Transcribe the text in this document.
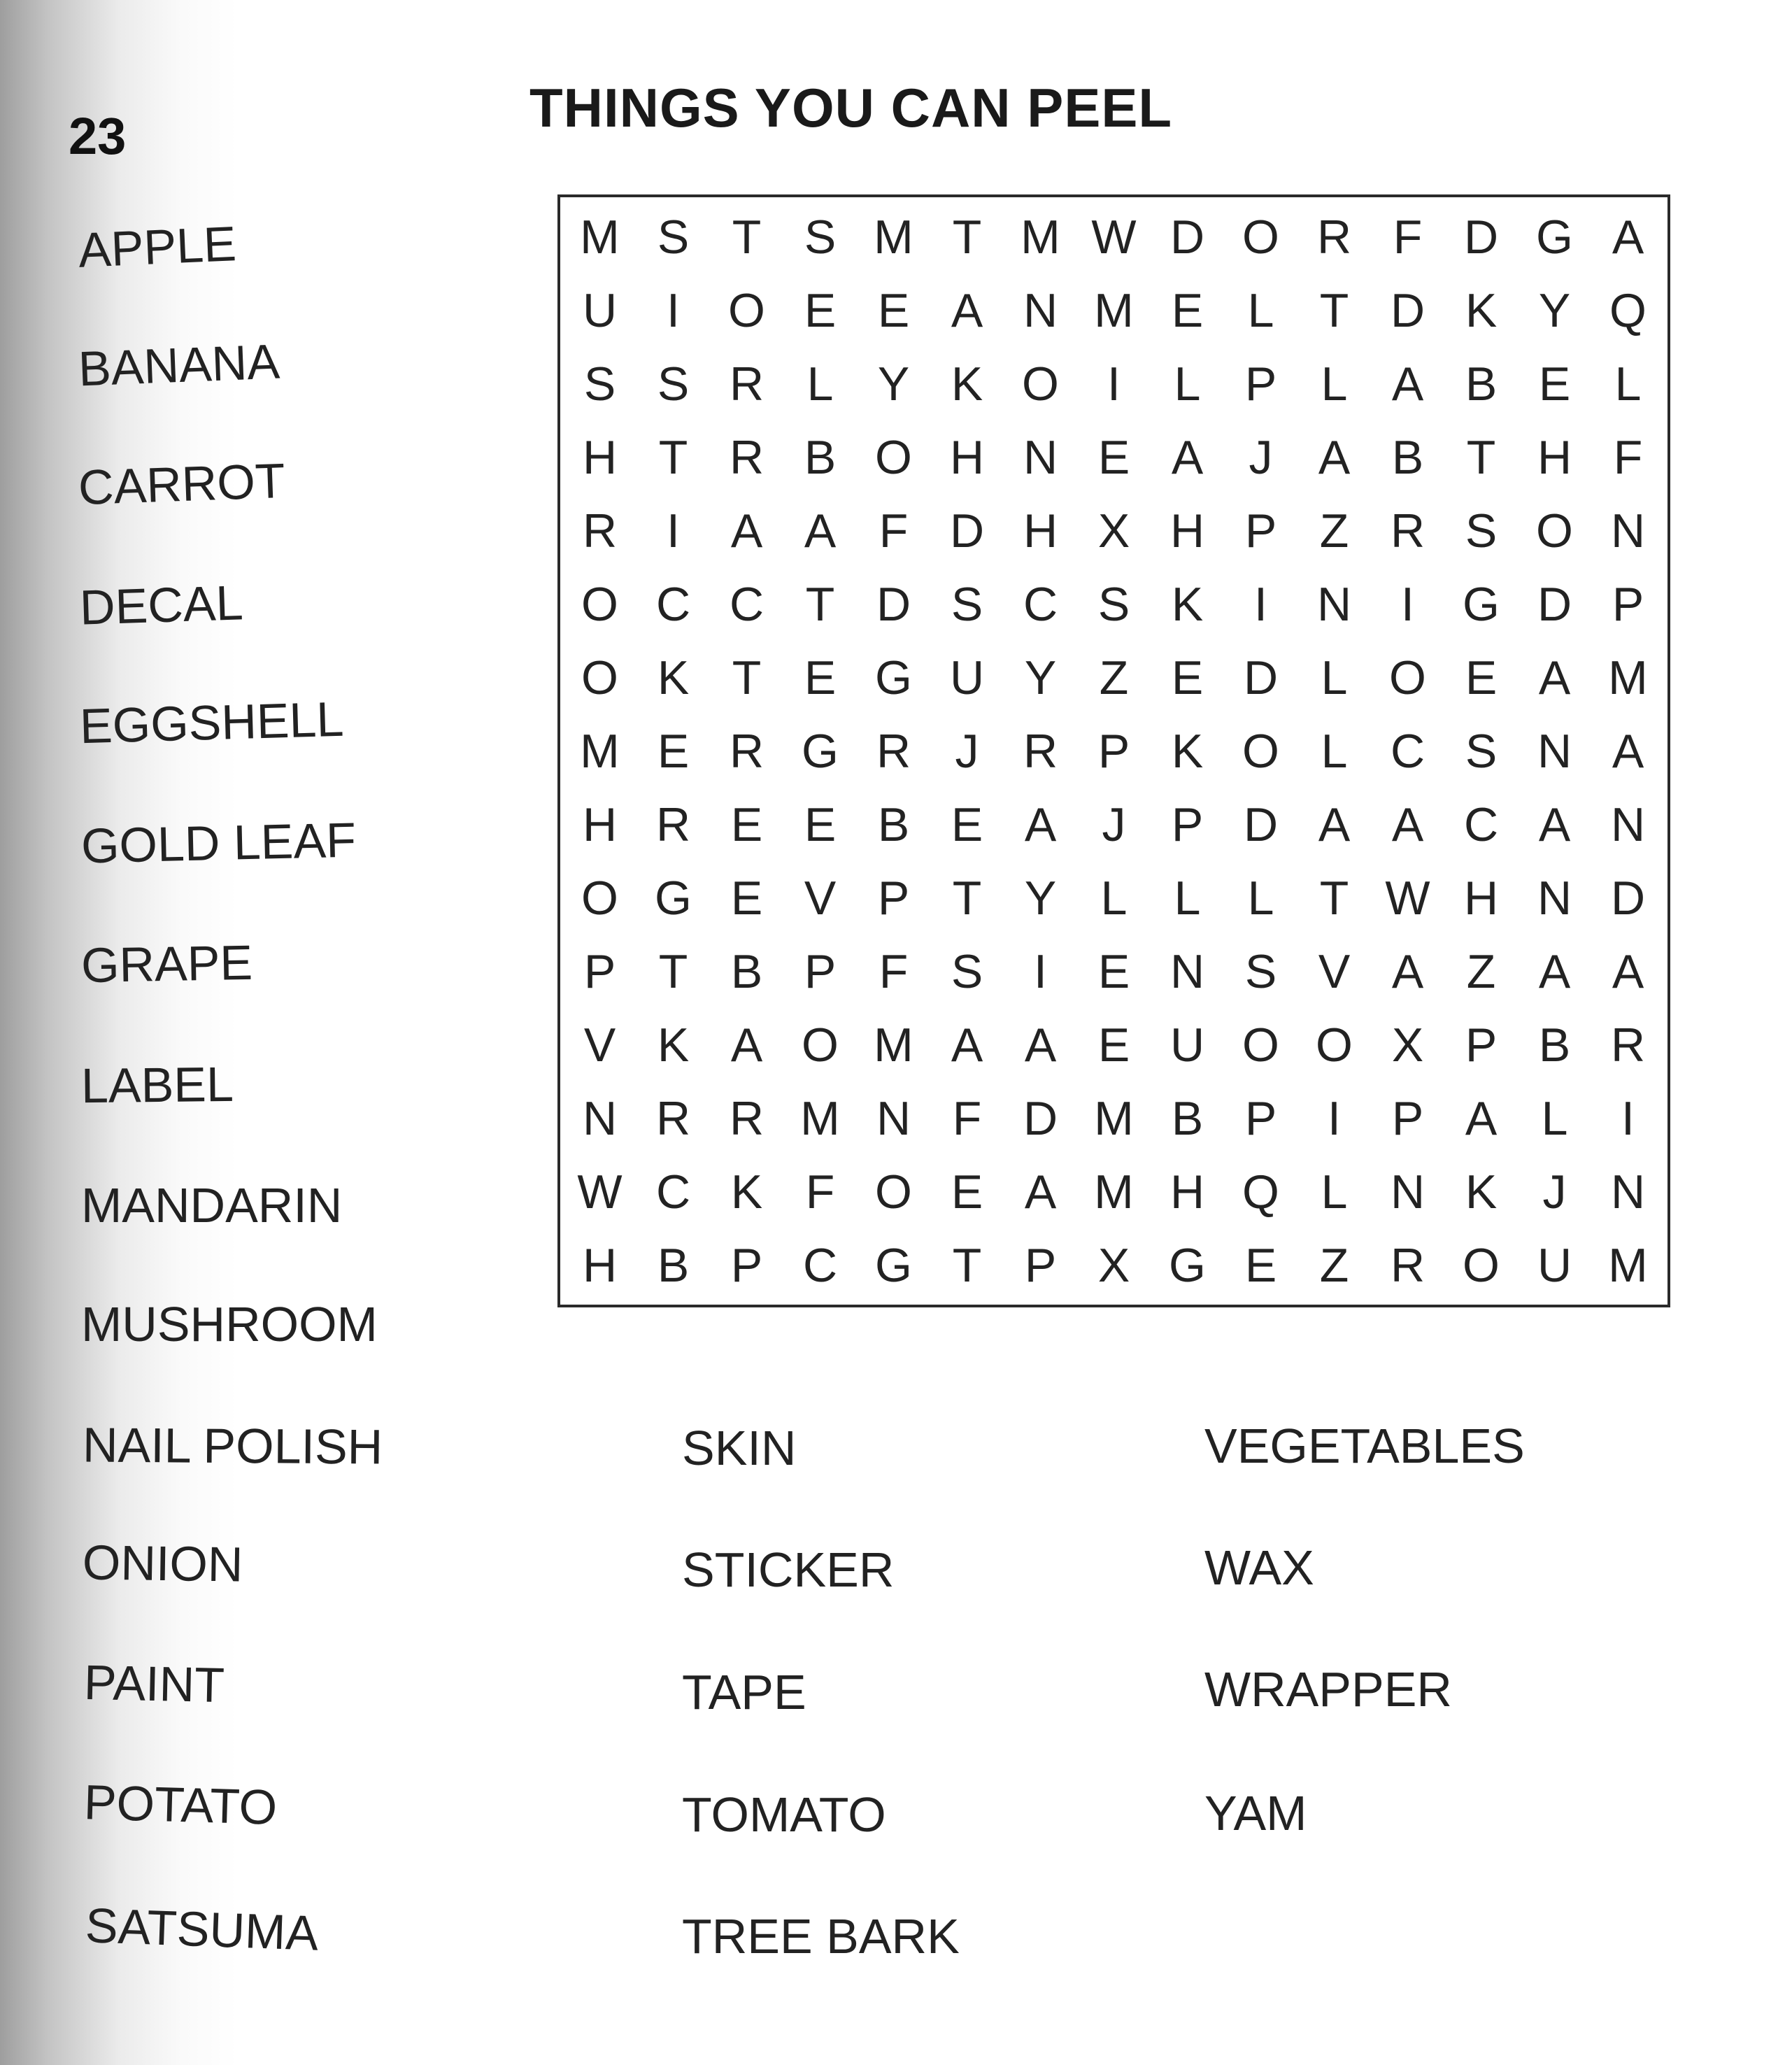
23	THINGS YOU CAN PEEL
M S T S M T M W D O R F D G A
U	I	O E E A N M E L T D K Y Q
S S R L Y K O	I	L P L A B E L
H T R B O H N E A J A B T H F
R	I	A A F D H X H P Z R S O N
O C C T D S C S K	I	N	I	G D P
O K T E G U Y Z E D L O E A M
M E R G R J R P K O L C S N A
H R E E B E A J P D A A C A N
O G E V P T Y L L L T W H N D
P T B P F S	I	E N S V A Z A A
V K A O M A A E U O O X P B R
N R R M N F D M B P	I	P A L	I
W C K F O E A M H Q L N K J N
H B P C G T P X G E Z R O U M
APPLE
BANANA
CARROT
DECAL
EGGSHELL
GOLD LEAF
GRAPE
LABEL
MANDARIN
MUSHROOM
NAIL POLISH
ONION
PAINT
POTATO
SATSUMA
SKIN
STICKER
TAPE
TOMATO
TREE BARK
VEGETABLES
WAX
WRAPPER
YAM
